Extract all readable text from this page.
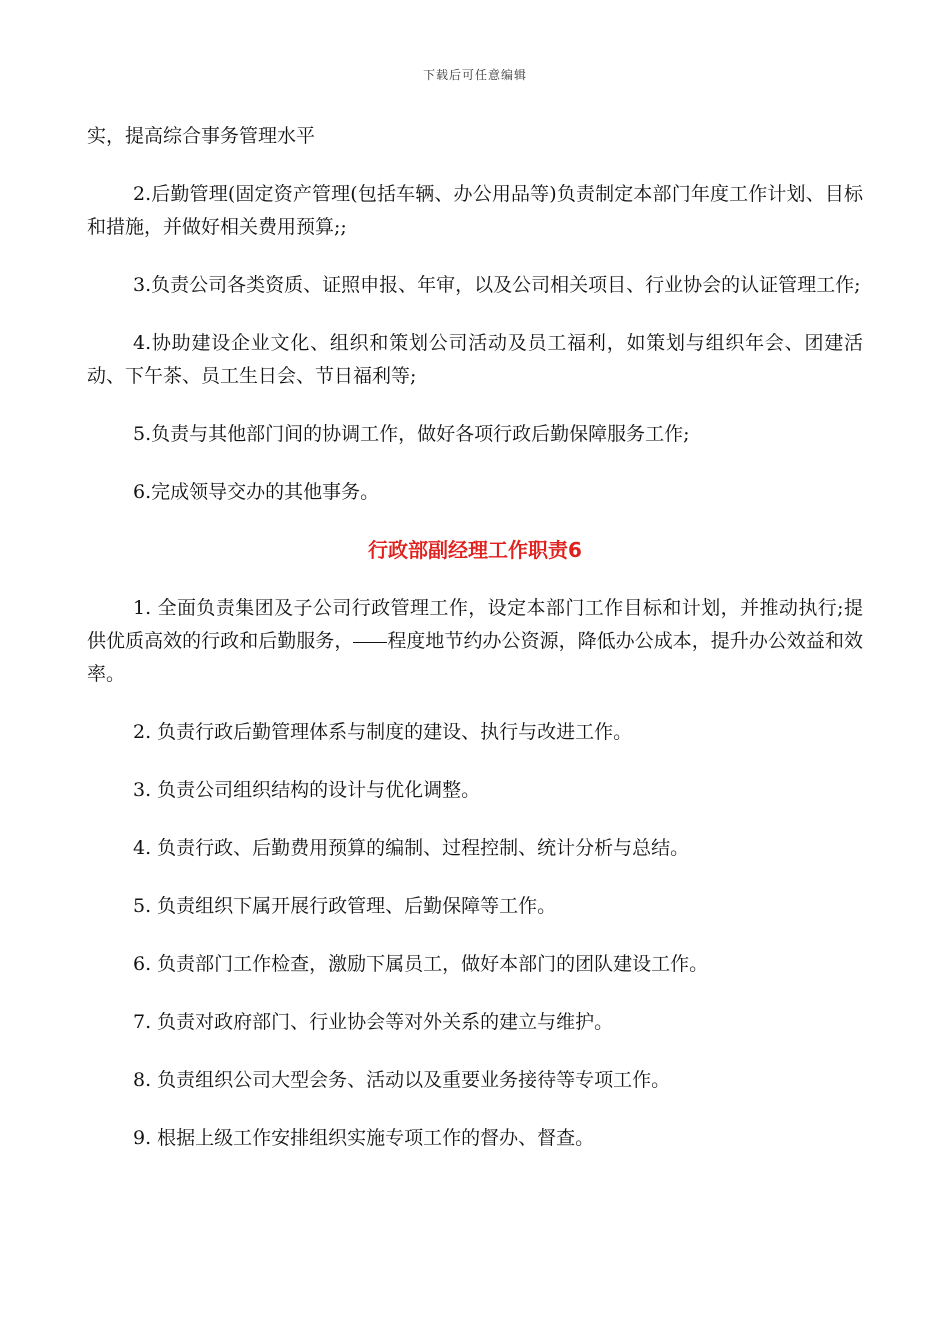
下载后可任意编辑

实，提高综合事务管理水平

2.后勤管理(固定资产管理(包括车辆、办公用品等)负责制定本部门年度工作计划、目标和措施，并做好相关费用预算;;

3.负责公司各类资质、证照申报、年审，以及公司相关项目、行业协会的认证管理工作;

4.协助建设企业文化、组织和策划公司活动及员工福利，如策划与组织年会、团建活动、下午茶、员工生日会、节日福利等;

5.负责与其他部门间的协调工作，做好各项行政后勤保障服务工作;

6.完成领导交办的其他事务。

行政部副经理工作职责6

1. 全面负责集团及子公司行政管理工作，设定本部门工作目标和计划，并推动执行;提供优质高效的行政和后勤服务， 程度地节约办公资源，降低办公成本，提升办公效益和效率。

2. 负责行政后勤管理体系与制度的建设、执行与改进工作。

3. 负责公司组织结构的设计与优化调整。

4. 负责行政、后勤费用预算的编制、过程控制、统计分析与总结。

5. 负责组织下属开展行政管理、后勤保障等工作。

6. 负责部门工作检查，激励下属员工，做好本部门的团队建设工作。

7. 负责对政府部门、行业协会等对外关系的建立与维护。

8. 负责组织公司大型会务、活动以及重要业务接待等专项工作。

9. 根据上级工作安排组织实施专项工作的督办、督查。
